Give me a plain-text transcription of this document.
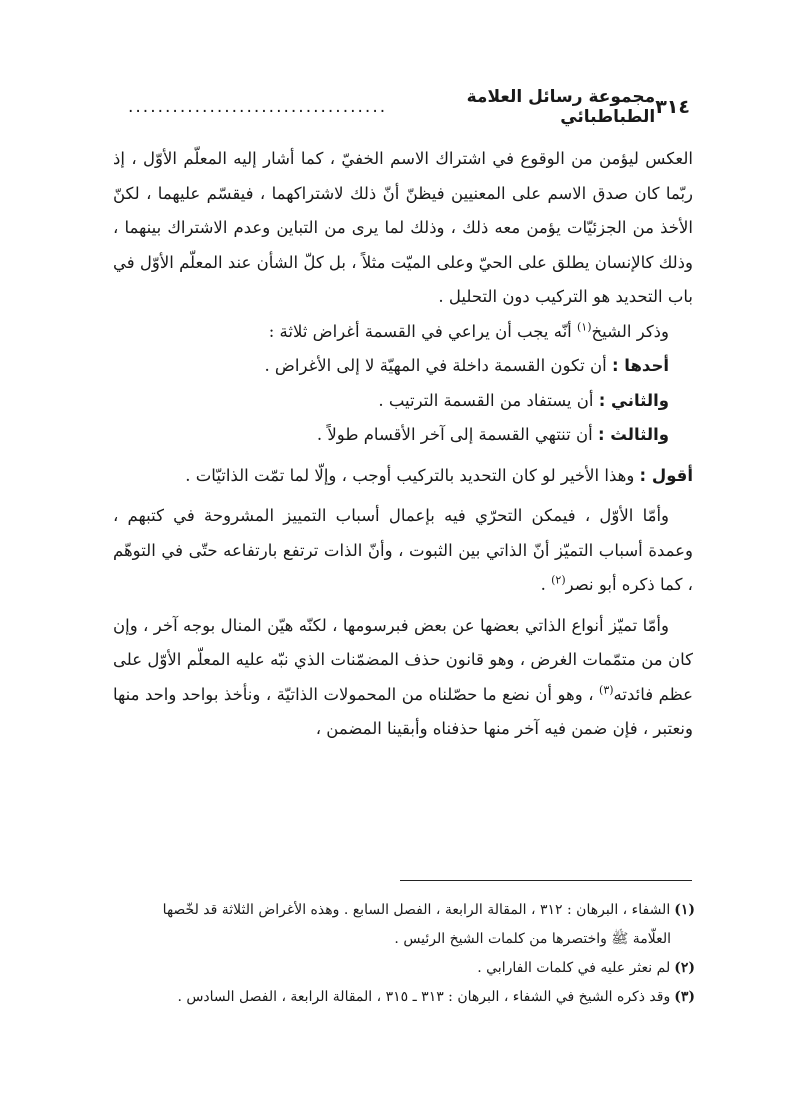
٣١٤
مجموعة رسائل العلامة الطباطبائي
...................................

العكس ليؤمن من الوقوع في اشتراك الاسم الخفيّ ، كما أشار إليه المعلّم الأوّل ، إذ ربّما كان صدق الاسم على المعنيين فيظنّ أنّ ذلك لاشتراكهما ، فيقسّم عليهما ، لكنّ الأخذ من الجزئيّات يؤمن معه ذلك ، وذلك لما يرى من التباين وعدم الاشتراك بينهما ، وذلك كالإنسان يطلق على الحيّ وعلى الميّت مثلاً ، بل كلّ الشأن عند المعلّم الأوّل في باب التحديد هو التركيب دون التحليل .

وذكر الشيخ$^{(١)}$ أنّه يجب أن يراعي في القسمة أغراض ثلاثة :

أحدها : أن تكون القسمة داخلة في المهيّة لا إلى الأغراض .

والثاني : أن يستفاد من القسمة الترتيب .

والثالث : أن تنتهي القسمة إلى آخر الأقسام طولاً .

أقول : وهذا الأخير لو كان التحديد بالتركيب أوجب ، وإلّا لما تمّت الذاتيّات .

وأمّا الأوّل ، فيمكن التحرّي فيه بإعمال أسباب التمييز المشروحة في كتبهم ، وعمدة أسباب التميّز أنّ الذاتي بين الثبوت ، وأنّ الذات ترتفع بارتفاعه حتّى في التوهّم ، كما ذكره أبو نصر$^{(٢)}$ .

وأمّا تميّز أنواع الذاتي بعضها عن بعض فبرسومها ، لكنّه هيّن المنال بوجه آخر ، وإن كان من متمّمات الغرض ، وهو قانون حذف المضمّنات الذي نبّه عليه المعلّم الأوّل على عظم فائدته$^{(٣)}$ ، وهو أن نضع ما حصّلناه من المحمولات الذاتيّة ، ونأخذ بواحد واحد منها ونعتبر ، فإن ضمن فيه آخر منها حذفناه وأبقينا المضمن ،

(١)الشفاء ، البرهان : ٣١٢ ، المقالة الرابعة ، الفصل السابع . وهذه الأغراض الثلاثة قد لخّصها

العلّامة ﷺ واختصرها من كلمات الشيخ الرئيس .

(٢)لم نعثر عليه في كلمات الفارابي .

(٣)وقد ذكره الشيخ في الشفاء ، البرهان : ٣١٣ ـ ٣١٥ ، المقالة الرابعة ، الفصل السادس .
